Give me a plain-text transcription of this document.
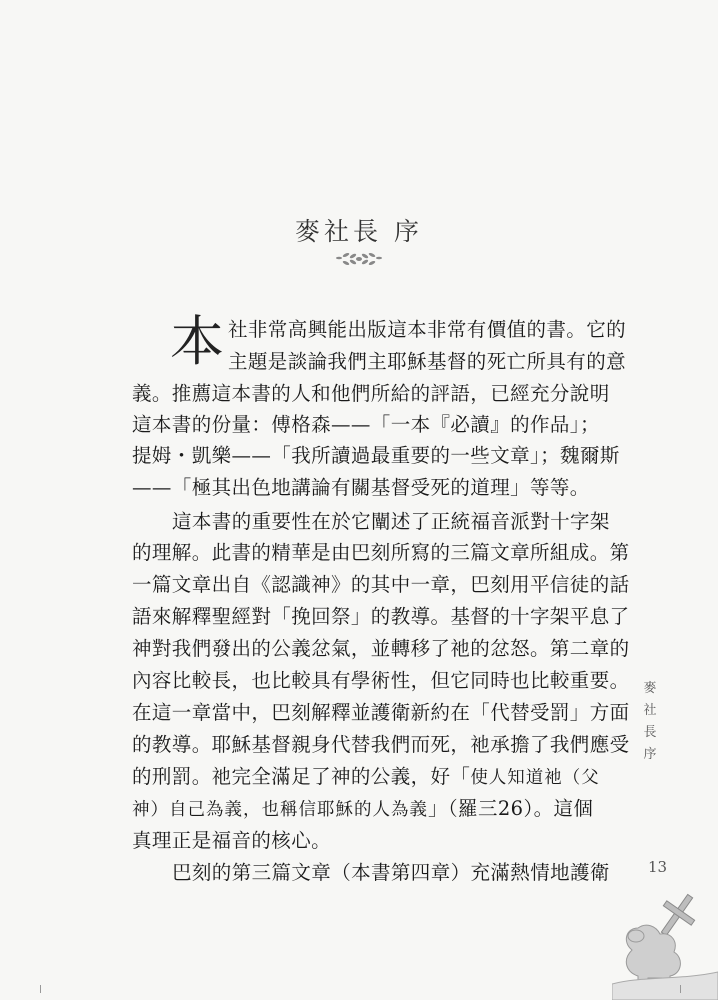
麥社長 序
本 社非常高興能出版這本非常有價值的書。它的
主題是談論我們主耶穌基督的死亡所具有的意
義。推薦這本書的人和他們所給的評語，已經充分說明
這本書的份量：傅格森——「一本『必讀』的作品」；
提姆・凱樂——「我所讀過最重要的一些文章」；魏爾斯
——「極其出色地講論有關基督受死的道理」等等。
這本書的重要性在於它闡述了正統福音派對十字架
的理解。此書的精華是由巴刻所寫的三篇文章所組成。第
一篇文章出自《認識神》的其中一章，巴刻用平信徒的話
語來解釋聖經對「挽回祭」的教導。基督的十字架平息了
神對我們發出的公義忿氣，並轉移了祂的忿怒。第二章的
內容比較長，也比較具有學術性，但它同時也比較重要。
在這一章當中，巴刻解釋並護衛新約在「代替受罰」方面
的教導。耶穌基督親身代替我們而死，祂承擔了我們應受
的刑罰。祂完全滿足了神的公義，好「使人知道祂（父
神）自己為義，也稱信耶穌的人為義」（羅三26）。這個
真理正是福音的核心。
巴刻的第三篇文章（本書第四章）充滿熱情地護衛
麥
社
長
序
13
